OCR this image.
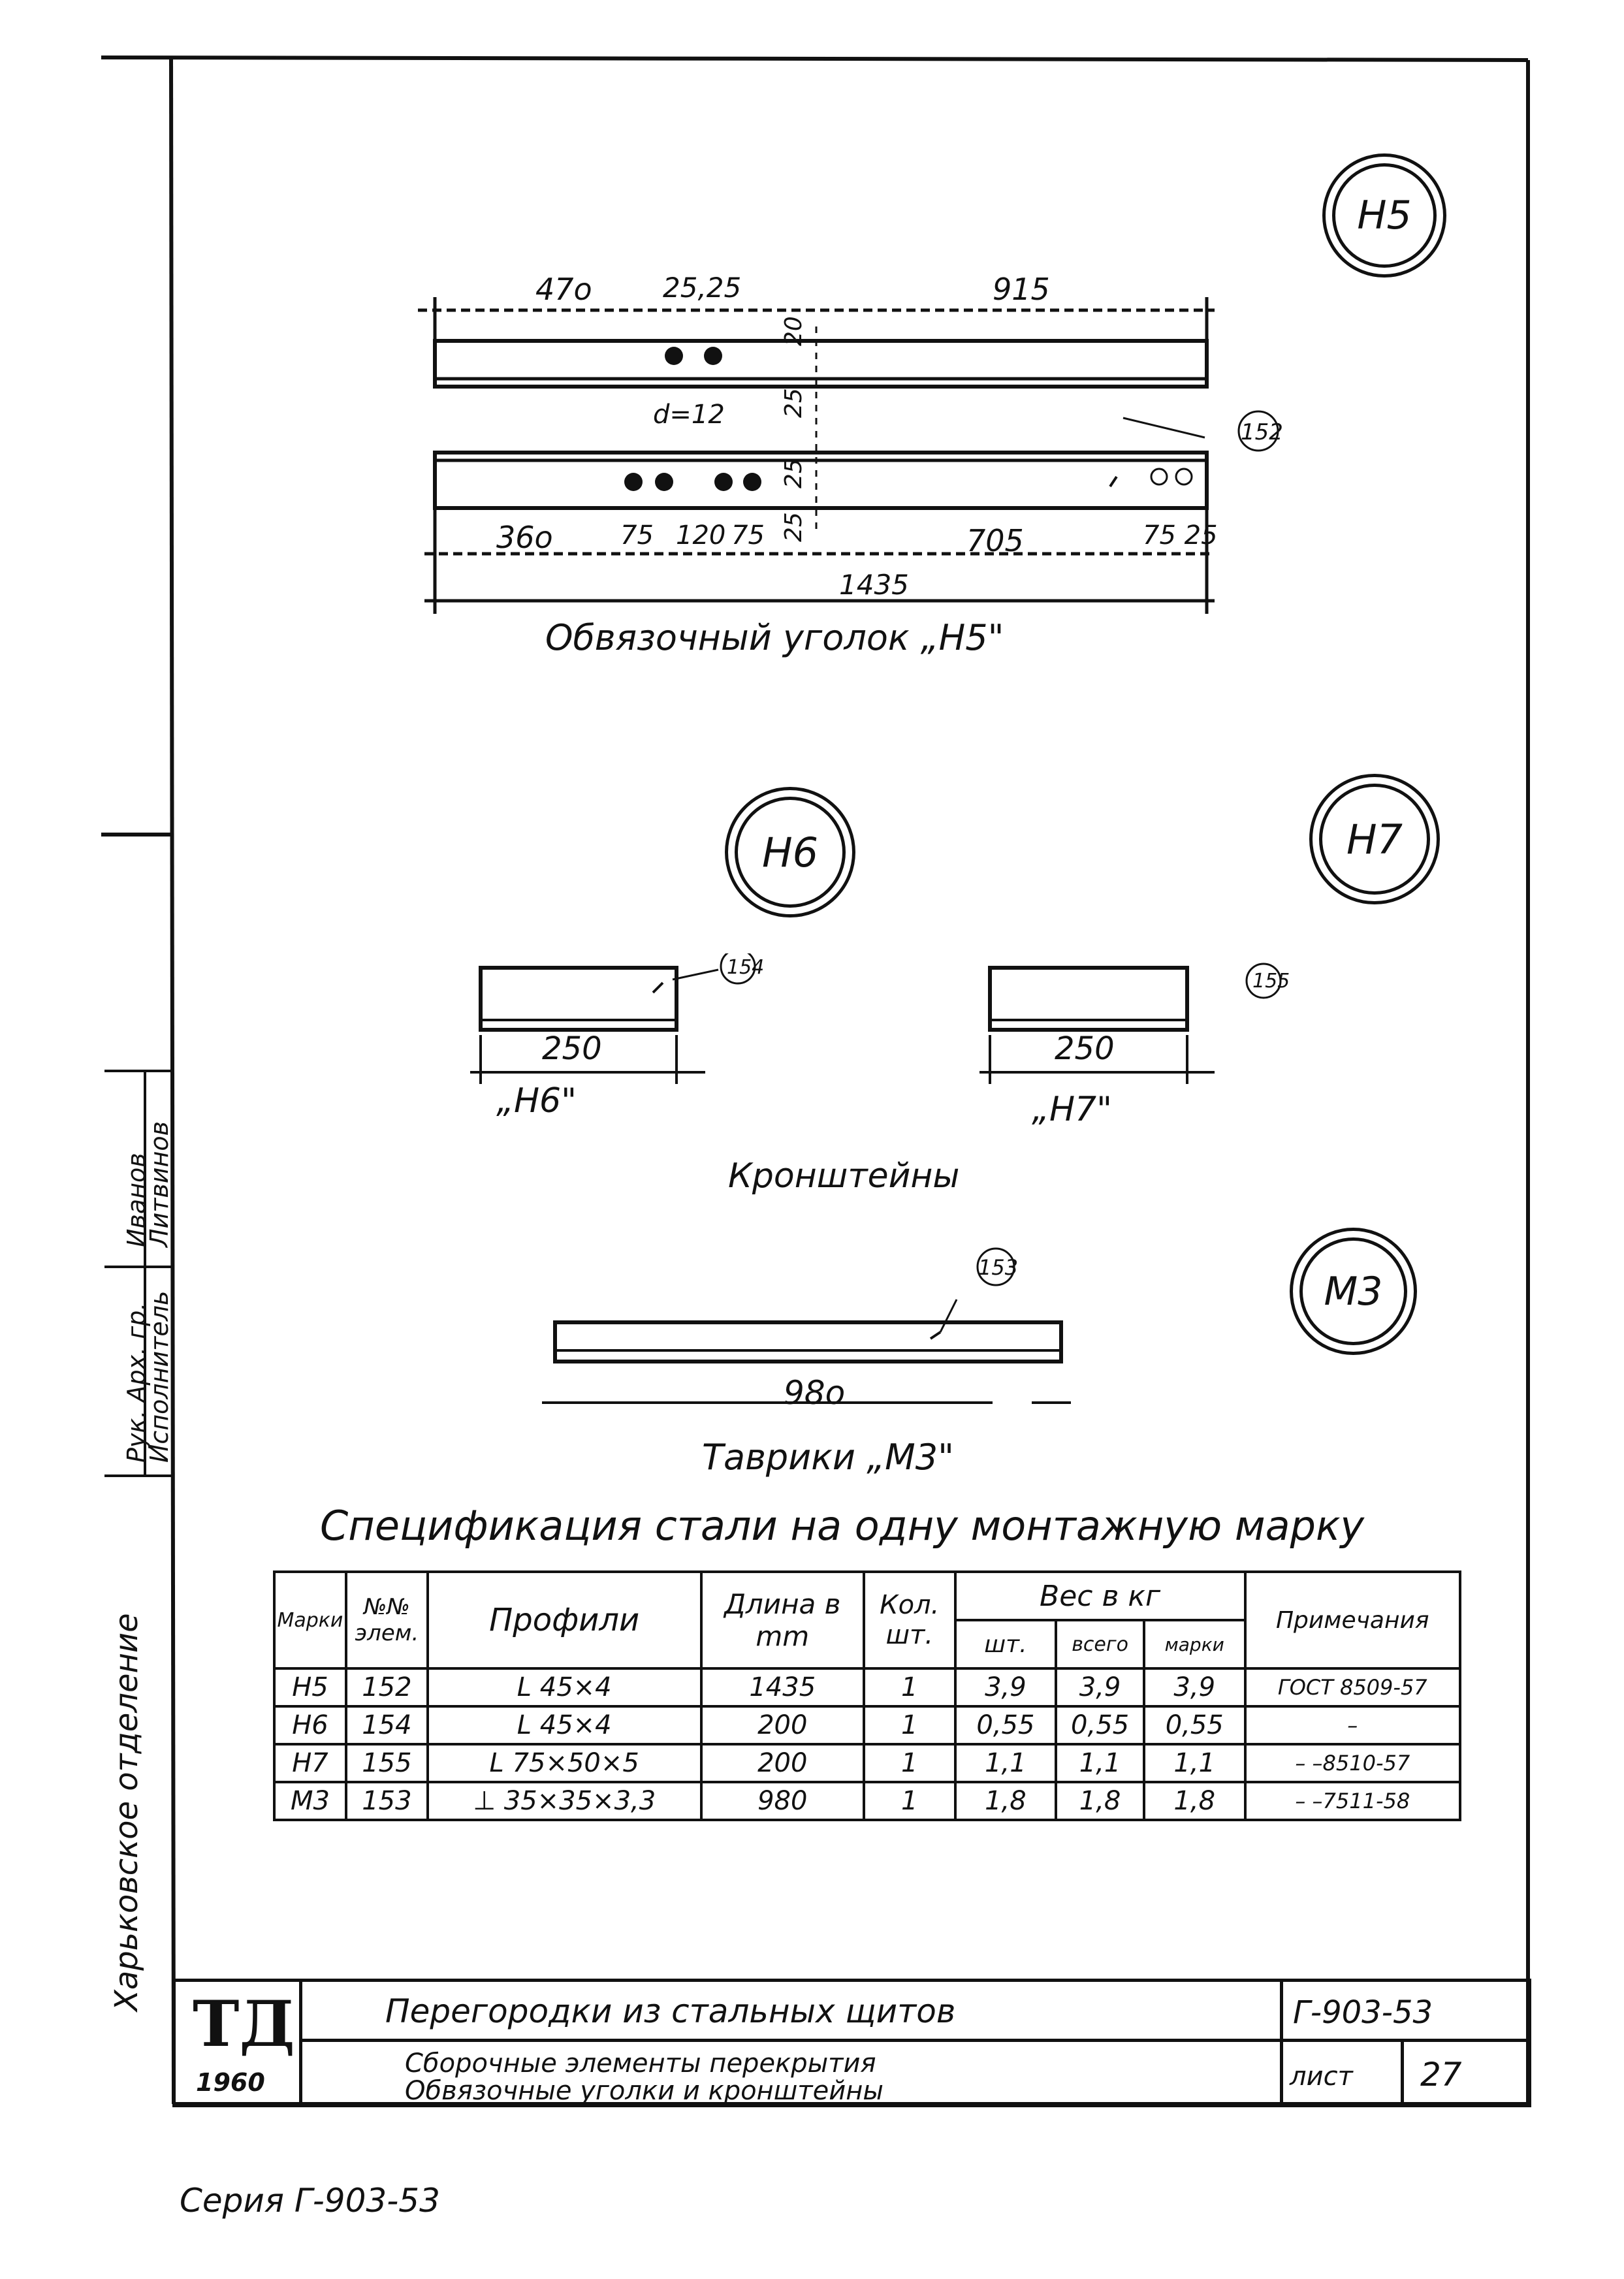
Харьковское отделение
Рук. Арх. гр.
Исполнитель
Иванов
Литвинов
Н5
47о	25,25	915
20
25
25
25
d=12
152
36о	75 120 75	705	75 25
1435
Обвязочный уголок „Н5"
Н6	Н7
154
155
250	250
„Н6"	„Н7"
Кронштейны
М3
153
98о
Таврики „М3"
Спецификация стали на одну монтажную марку
Марки	№№ элем.	Профили	Длина в mm	Кол. шт.	Вес в кг			Примечания
					шт.	всего	марки	
Н5	152	L 45×4	1435	1	3,9	3,9	3,9	ГОСТ 8509-57
Н6	154	L 45×4	200	1	0,55	0,55	0,55	–
Н7	155	L 75×50×5	200	1	1,1	1,1	1,1	– –8510-57
М3	153	⊥ 35×35×3,3	980	1	1,8	1,8	1,8	– –7511-58
ТД
1960
Перегородки из стальных щитов
Сборочные элементы перекрытия
Обвязочные уголки и кронштейны
Г-903-53
лист 27
Серия Г-903-53
